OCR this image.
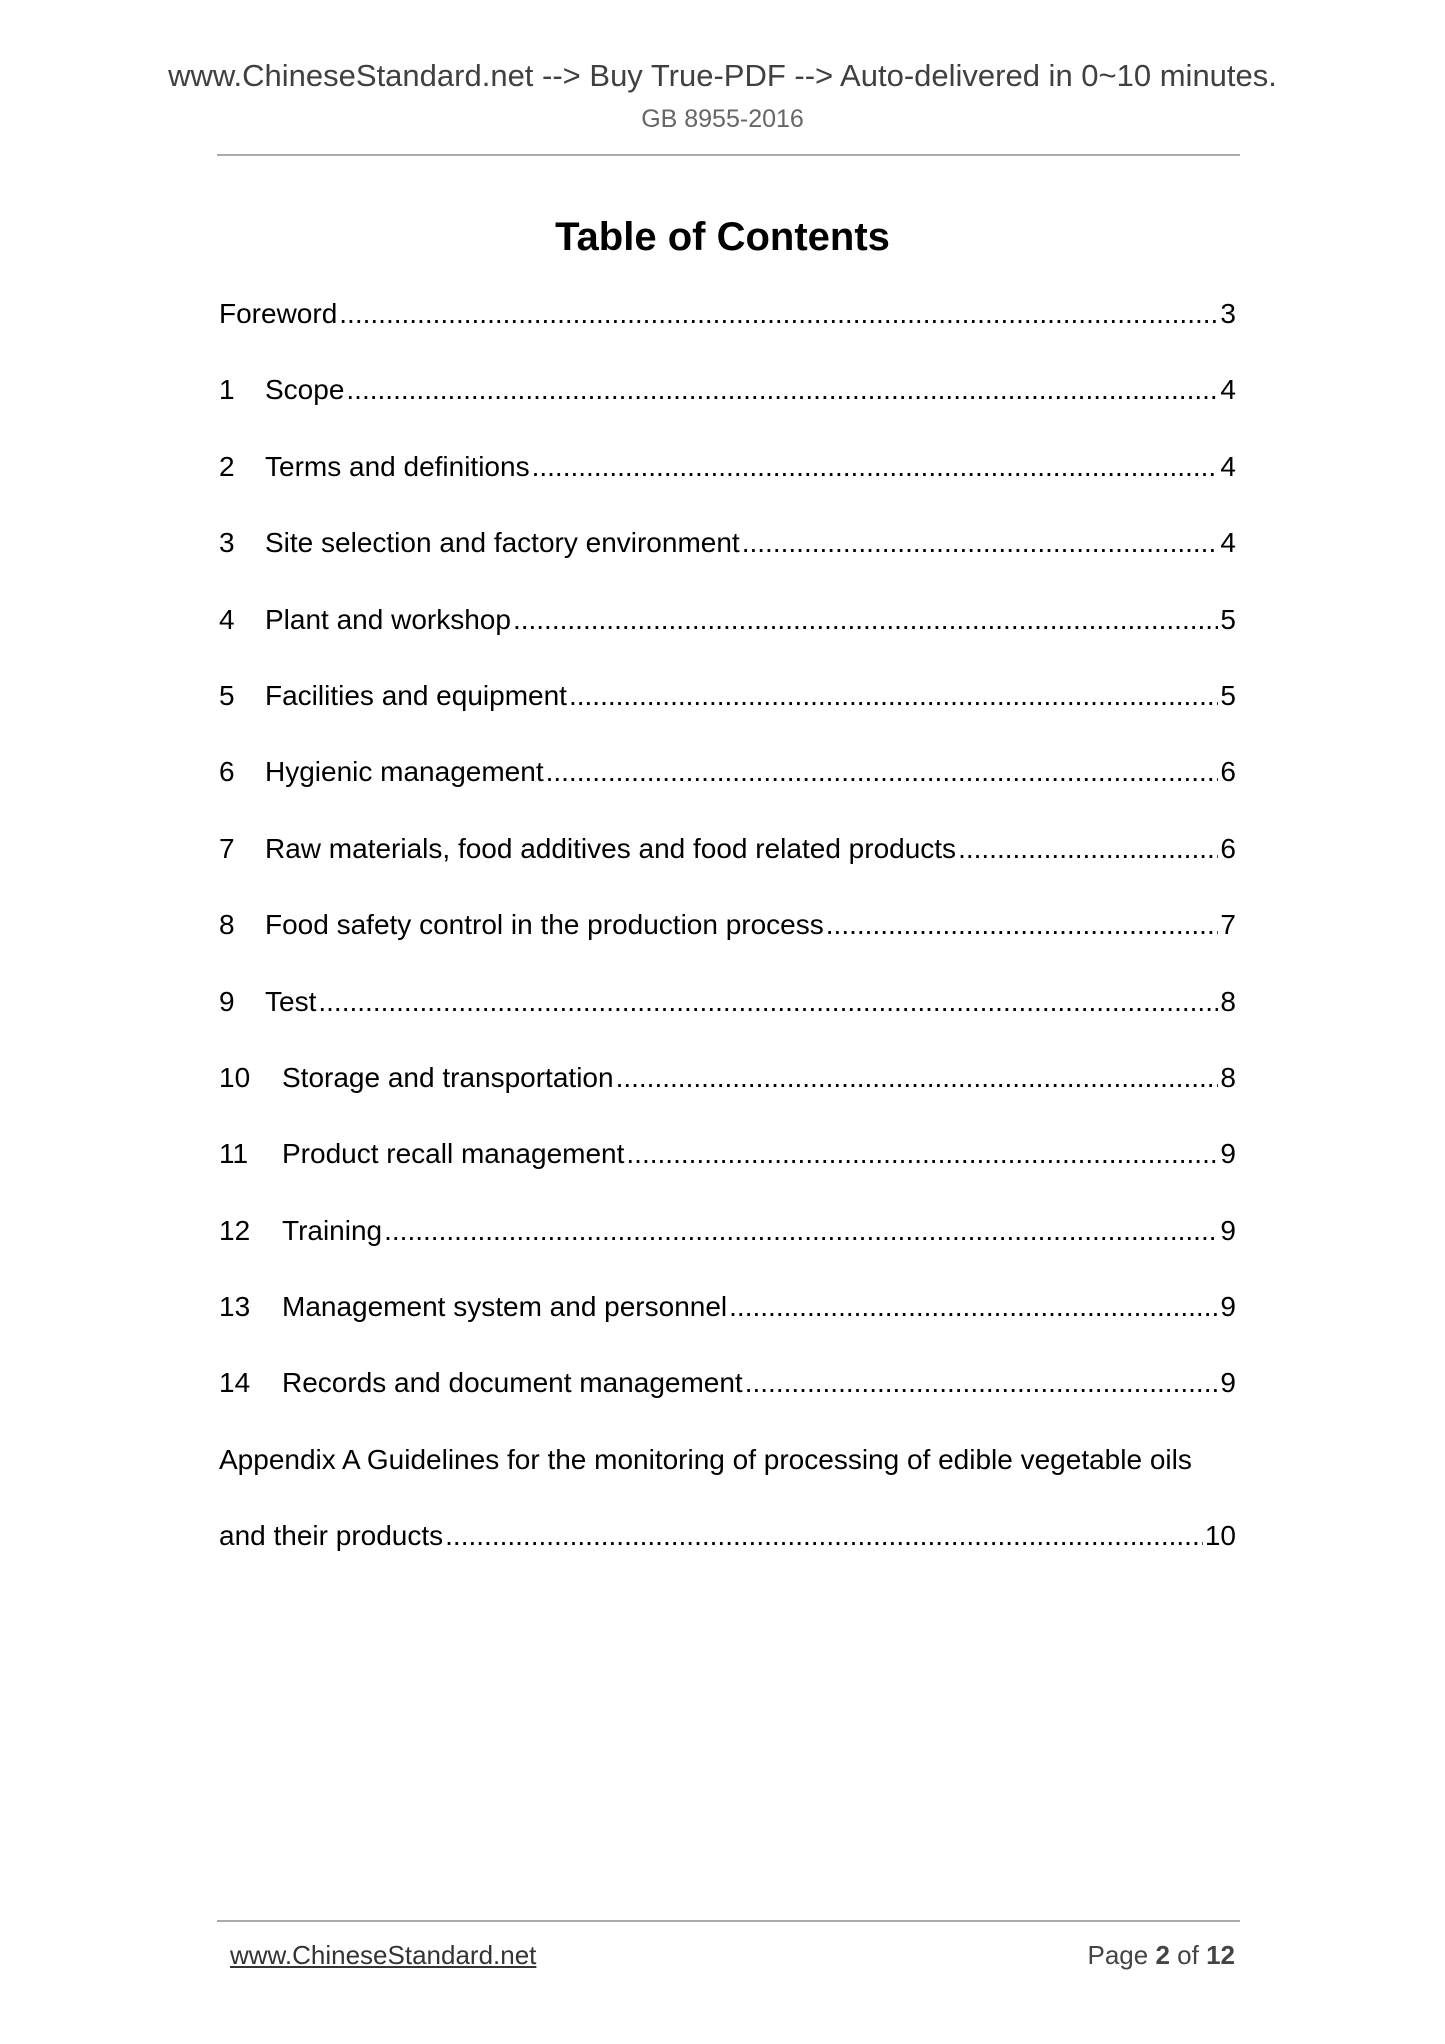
www.ChineseStandard.net --> Buy True-PDF --> Auto-delivered in 0~10 minutes.
GB 8955-2016
Table of Contents
Foreword .....	3
1	Scope .....	4
2	Terms and definitions .....	4
3	Site selection and factory environment .....	4
4	Plant and workshop .....	5
5	Facilities and equipment .....	5
6	Hygienic management .....	6
7	Raw materials, food additives and food related products .....	6
8	Food safety control in the production process .....	7
9	Test .....	8
10	Storage and transportation .....	8
11	Product recall management .....	9
12	Training .....	9
13	Management system and personnel .....	9
14	Records and document management .....	9
Appendix A Guidelines for the monitoring of processing of edible vegetable oils
and their products .....	10
www.ChineseStandard.net	Page 2 of 12
